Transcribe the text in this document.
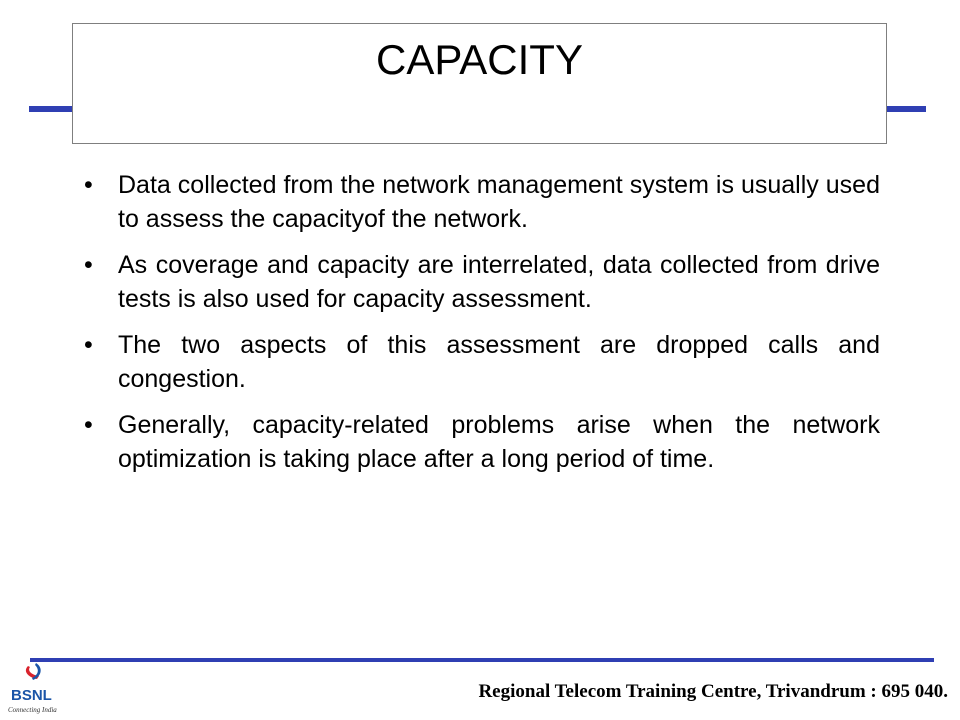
CAPACITY
• Data collected from the network management system is usually used to assess the capacityof the network.
• As coverage and capacity are interrelated, data collected from drive tests is also used for capacity assessment.
• The two aspects of this assessment are dropped calls and congestion.
• Generally, capacity-related problems arise when the network optimization is taking place after a long period of time.
BSNL
Connecting India
Regional Telecom Training Centre, Trivandrum : 695 040.
